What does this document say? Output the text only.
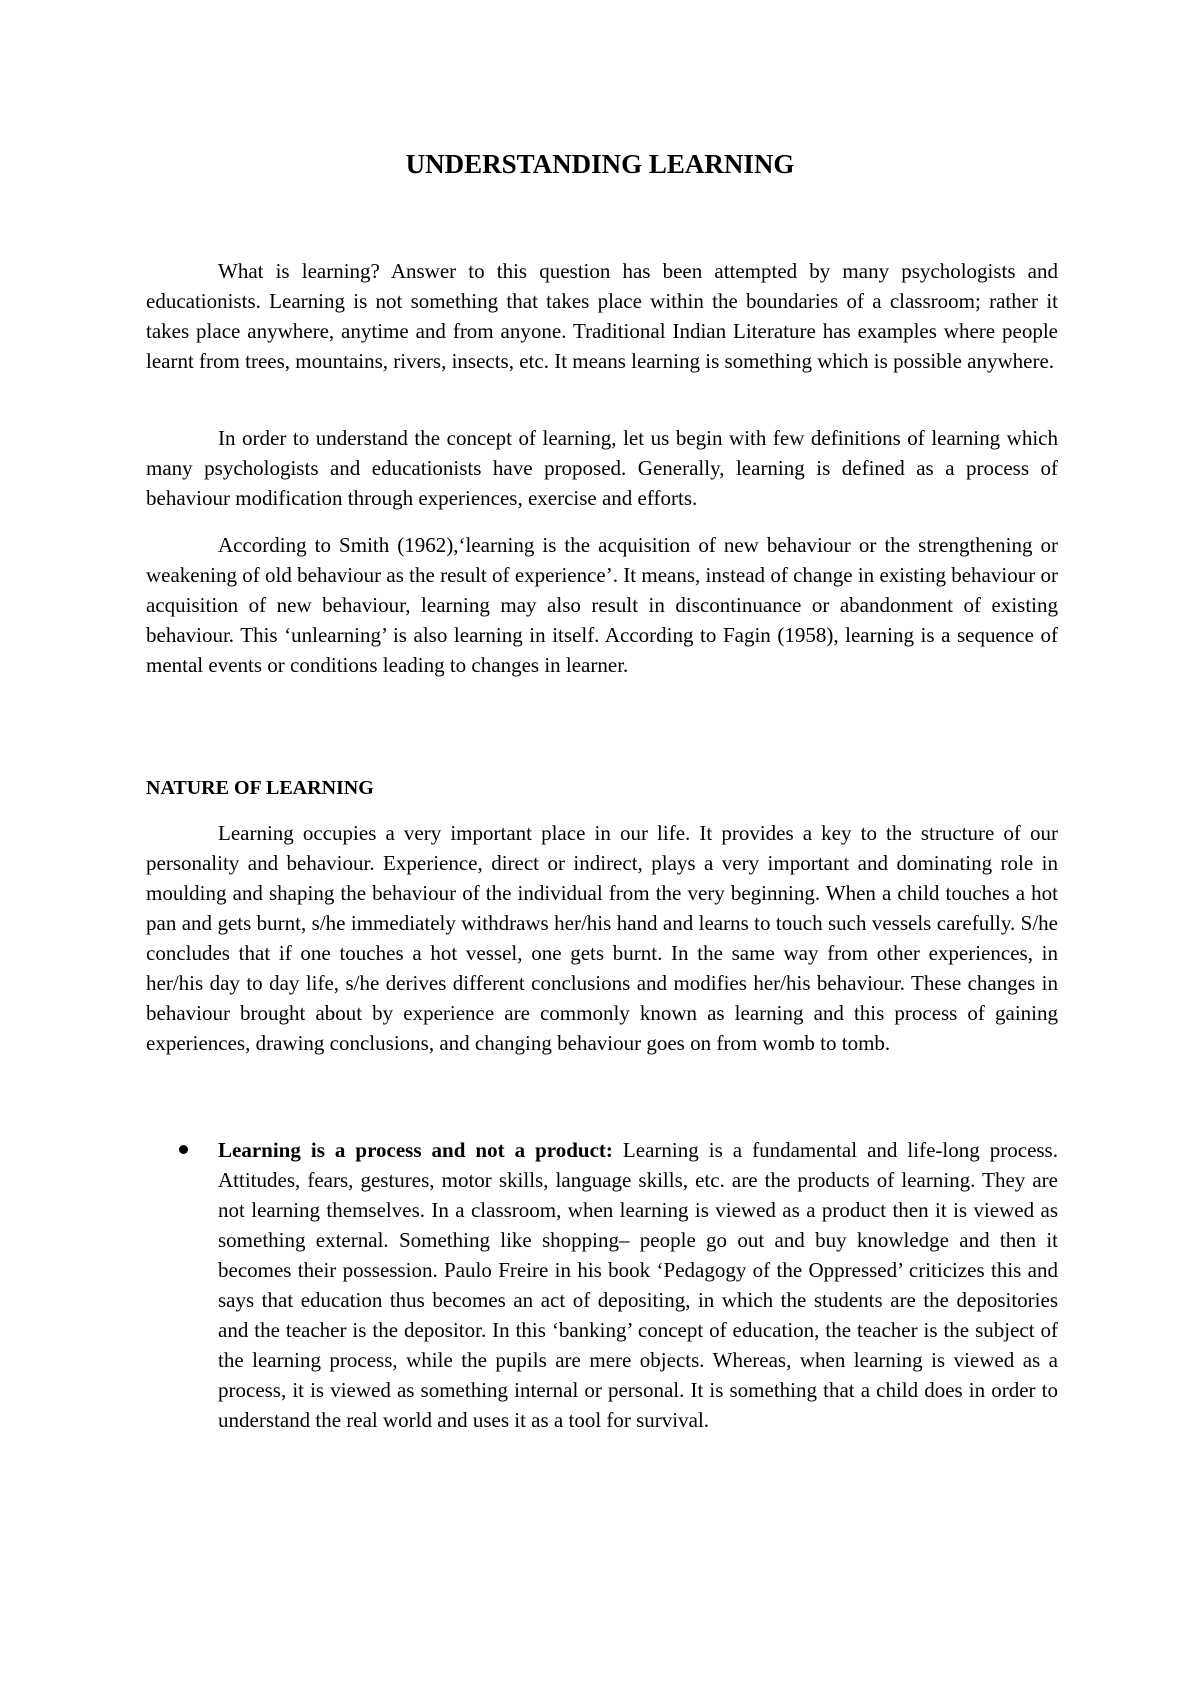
UNDERSTANDING LEARNING

What is learning? Answer to this question has been attempted by many psychologists and educationists. Learning is not something that takes place within the boundaries of a classroom; rather it takes place anywhere, anytime and from anyone. Traditional Indian Literature has examples where people learnt from trees, mountains, rivers, insects, etc. It means learning is something which is possible anywhere.

In order to understand the concept of learning, let us begin with few definitions of learning which many psychologists and educationists have proposed. Generally, learning is defined as a process of behaviour modification through experiences, exercise and efforts.

According to Smith (1962),‘learning is the acquisition of new behaviour or the strengthening or weakening of old behaviour as the result of experience’. It means, instead of change in existing behaviour or acquisition of new behaviour, learning may also result in discontinuance or abandonment of existing behaviour. This ‘unlearning’ is also learning in itself. According to Fagin (1958), learning is a sequence of mental events or conditions leading to changes in learner.

NATURE OF LEARNING

Learning occupies a very important place in our life. It provides a key to the structure of our personality and behaviour. Experience, direct or indirect, plays a very important and dominating role in moulding and shaping the behaviour of the individual from the very beginning. When a child touches a hot pan and gets burnt, s/he immediately withdraws her/his hand and learns to touch such vessels carefully. S/he concludes that if one touches a hot vessel, one gets burnt. In the same way from other experiences, in her/his day to day life, s/he derives different conclusions and modifies her/his behaviour. These changes in behaviour brought about by experience are commonly known as learning and this process of gaining experiences, drawing conclusions, and changing behaviour goes on from womb to tomb.

Learning is a process and not a product: Learning is a fundamental and life-long process. Attitudes, fears, gestures, motor skills, language skills, etc. are the products of learning. They are not learning themselves. In a classroom, when learning is viewed as a product then it is viewed as something external. Something like shopping– people go out and buy knowledge and then it becomes their possession. Paulo Freire in his book ‘Pedagogy of the Oppressed’ criticizes this and says that education thus becomes an act of depositing, in which the students are the depositories and the teacher is the depositor. In this ‘banking’ concept of education, the teacher is the subject of the learning process, while the pupils are mere objects. Whereas, when learning is viewed as a process, it is viewed as something internal or personal. It is something that a child does in order to understand the real world and uses it as a tool for survival.
